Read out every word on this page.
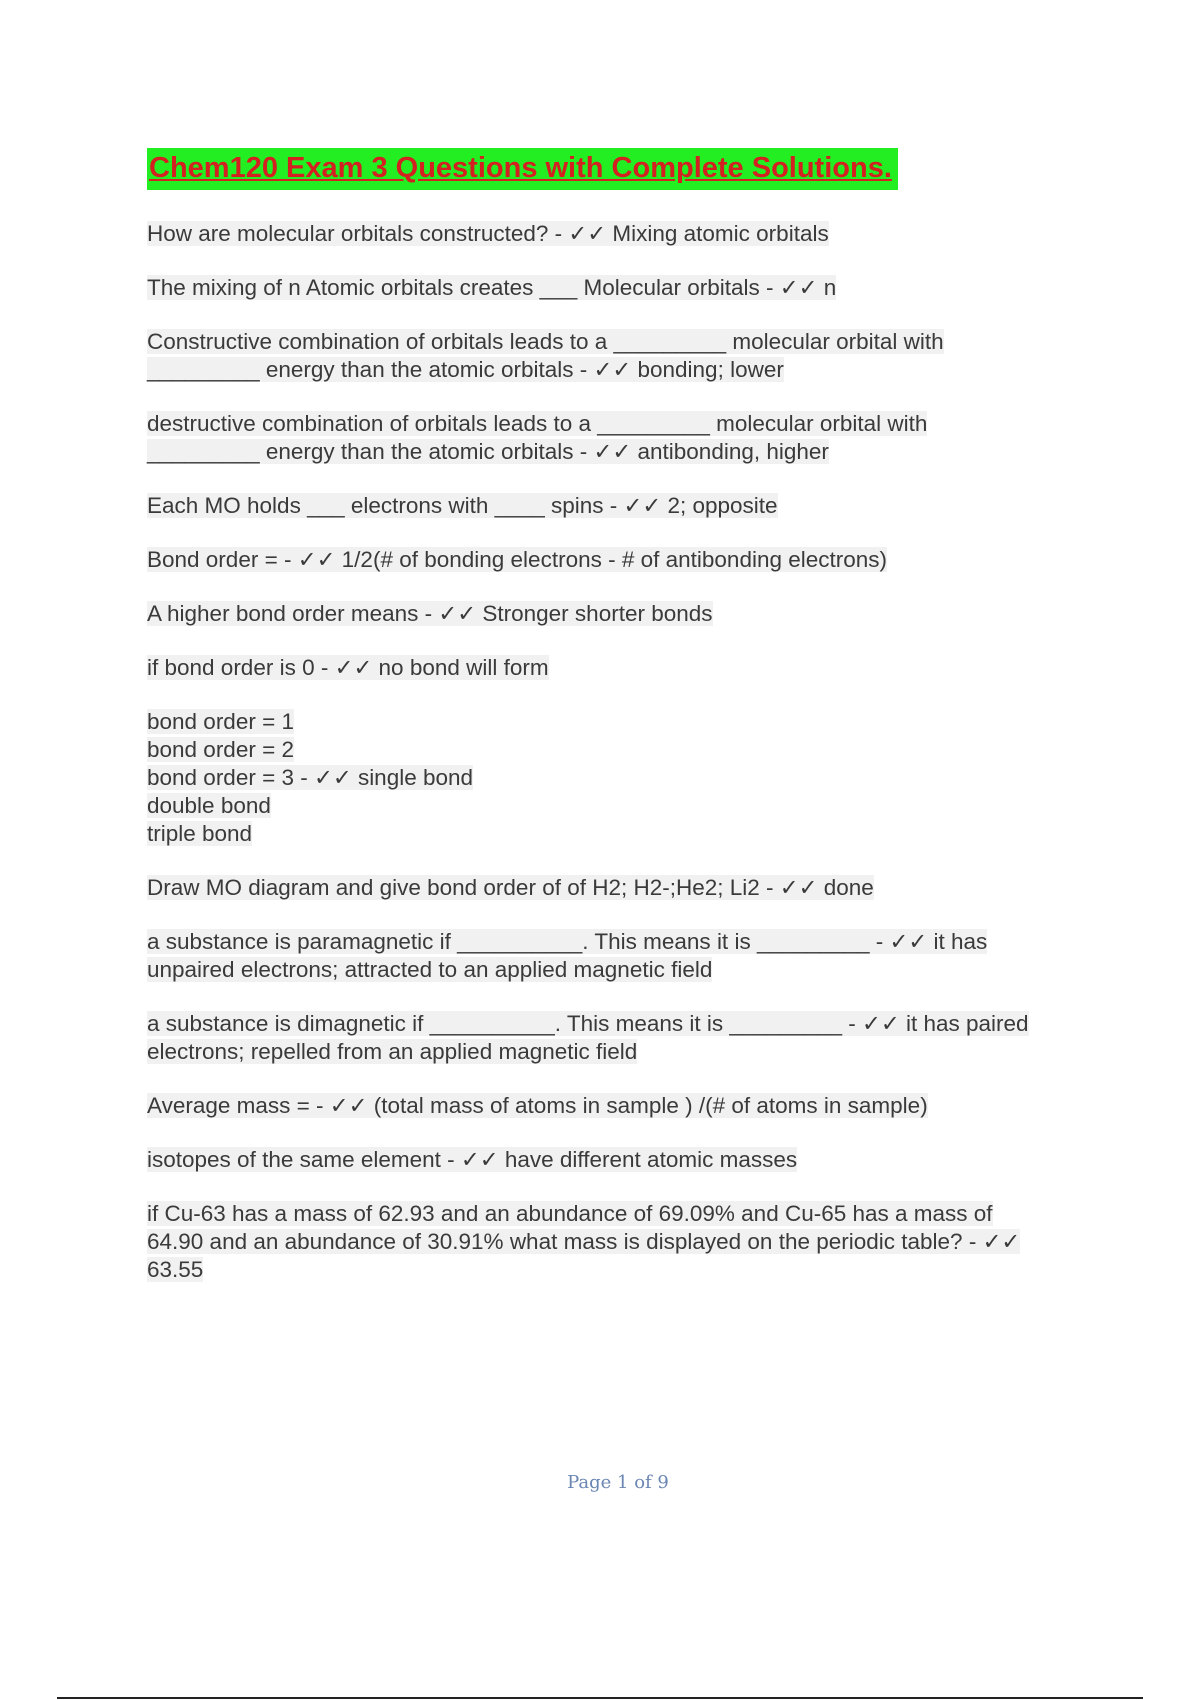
Chem120 Exam 3 Questions with Complete Solutions.
How are molecular orbitals constructed? - ✓✓ Mixing atomic orbitals
The mixing of n Atomic orbitals creates ___ Molecular orbitals - ✓✓ n
Constructive combination of orbitals leads to a _________ molecular orbital with
_________ energy than the atomic orbitals - ✓✓ bonding; lower
destructive combination of orbitals leads to a _________ molecular orbital with
_________ energy than the atomic orbitals - ✓✓ antibonding, higher
Each MO holds ___ electrons with ____ spins - ✓✓ 2; opposite
Bond order = - ✓✓ 1/2(# of bonding electrons - # of antibonding electrons)
A higher bond order means - ✓✓ Stronger shorter bonds
if bond order is 0 - ✓✓ no bond will form
bond order = 1
bond order = 2
bond order = 3 - ✓✓ single bond
double bond
triple bond
Draw MO diagram and give bond order of of H2; H2-;He2; Li2 - ✓✓ done
a substance is paramagnetic if __________. This means it is _________ - ✓✓ it has
unpaired electrons; attracted to an applied magnetic field
a substance is dimagnetic if __________. This means it is _________ - ✓✓ it has paired
electrons; repelled from an applied magnetic field
Average mass = - ✓✓ (total mass of atoms in sample ) /(# of atoms in sample)
isotopes of the same element - ✓✓ have different atomic masses
if Cu-63 has a mass of 62.93 and an abundance of 69.09% and Cu-65 has a mass of
64.90 and an abundance of 30.91% what mass is displayed on the periodic table? - ✓✓
63.55
Page 1 of 9
